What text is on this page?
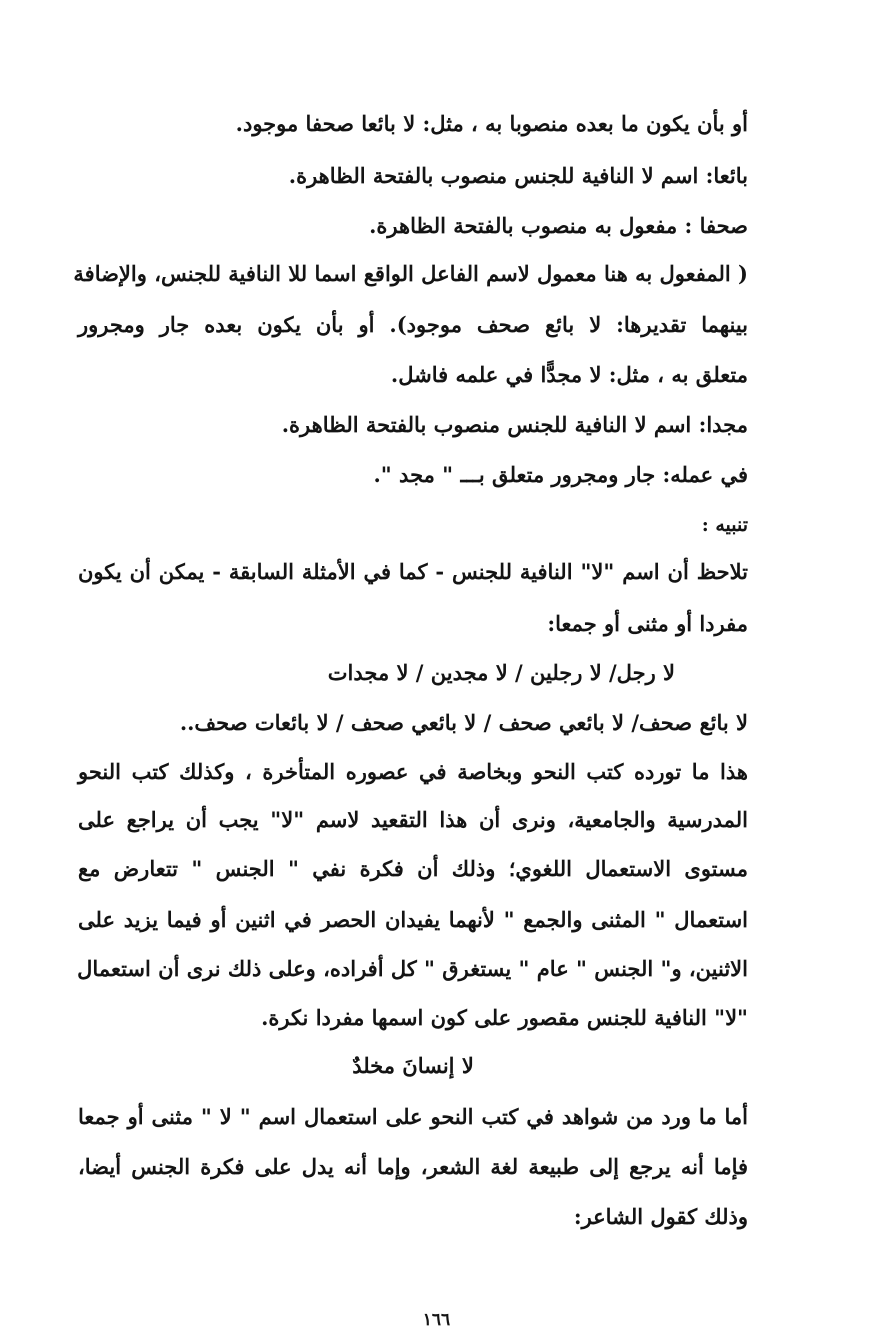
أو بأن يكون ما بعده منصوبا به ، مثل: لا بائعا صحفا موجود.
بائعا: اسم لا النافية للجنس منصوب بالفتحة الظاهرة.
صحفا : مفعول به منصوب بالفتحة الظاهرة.
( المفعول به هنا معمول لاسم الفاعل الواقع اسما للا النافية للجنس، والإضافة
بينهما تقديرها: لا بائع صحف موجود). أو بأن يكون بعده جار ومجرور
متعلق به ، مثل: لا مجدًّا في علمه فاشل.
مجدا: اسم لا النافية للجنس منصوب بالفتحة الظاهرة.
في عمله: جار ومجرور متعلق بـــ " مجد ".
تنبيه :
تلاحظ أن اسم "لا" النافية للجنس - كما في الأمثلة السابقة - يمكن أن يكون
مفردا أو مثنى أو جمعا:
لا رجل/ لا رجلين / لا مجدين / لا مجدات
لا بائع صحف/ لا بائعي صحف / لا بائعي صحف / لا بائعات صحف..
هذا ما تورده كتب النحو وبخاصة في عصوره المتأخرة ، وكذلك كتب النحو
المدرسية والجامعية، ونرى أن هذا التقعيد لاسم "لا" يجب أن يراجع على
مستوى الاستعمال اللغوي؛ وذلك أن فكرة نفي " الجنس " تتعارض مع
استعمال " المثنى والجمع " لأنهما يفيدان الحصر في اثنين أو فيما يزيد على
الاثنين، و" الجنس " عام " يستغرق " كل أفراده، وعلى ذلك نرى أن استعمال
"لا" النافية للجنس مقصور على كون اسمها مفردا نكرة.
لا إنسانَ مخلدٌ
أما ما ورد من شواهد في كتب النحو على استعمال اسم " لا " مثنى أو جمعا
فإما أنه يرجع إلى طبيعة لغة الشعر، وإما أنه يدل على فكرة الجنس أيضا،
وذلك كقول الشاعر:
١٦٦
